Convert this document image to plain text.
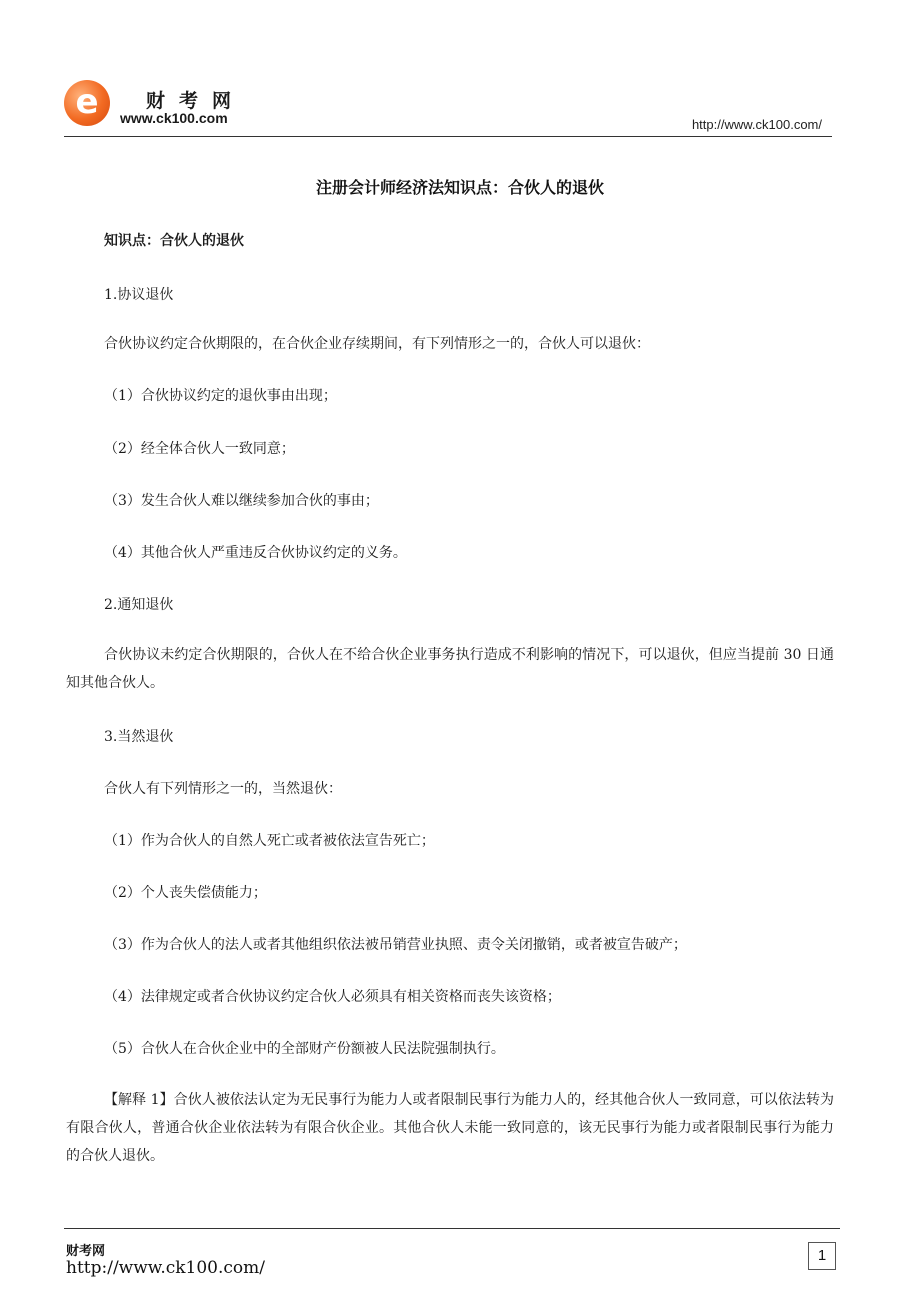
e	财考网
www.ck100.com	http://www.ck100.com/
注册会计师经济法知识点：合伙人的退伙
知识点：合伙人的退伙
1.协议退伙
合伙协议约定合伙期限的，在合伙企业存续期间，有下列情形之一的，合伙人可以退伙：
（1）合伙协议约定的退伙事由出现；
（2）经全体合伙人一致同意；
（3）发生合伙人难以继续参加合伙的事由；
（4）其他合伙人严重违反合伙协议约定的义务。
2.通知退伙
合伙协议未约定合伙期限的，合伙人在不给合伙企业事务执行造成不利影响的情况下，可以退伙，但应当提前 30 日通知其他合伙人。
3.当然退伙
合伙人有下列情形之一的，当然退伙：
（1）作为合伙人的自然人死亡或者被依法宣告死亡；
（2）个人丧失偿债能力；
（3）作为合伙人的法人或者其他组织依法被吊销营业执照、责令关闭撤销，或者被宣告破产；
（4）法律规定或者合伙协议约定合伙人必须具有相关资格而丧失该资格；
（5）合伙人在合伙企业中的全部财产份额被人民法院强制执行。
【解释 1】合伙人被依法认定为无民事行为能力人或者限制民事行为能力人的，经其他合伙人一致同意，可以依法转为有限合伙人，普通合伙企业依法转为有限合伙企业。其他合伙人未能一致同意的，该无民事行为能力或者限制民事行为能力的合伙人退伙。
财考网
http://www.ck100.com/
1
